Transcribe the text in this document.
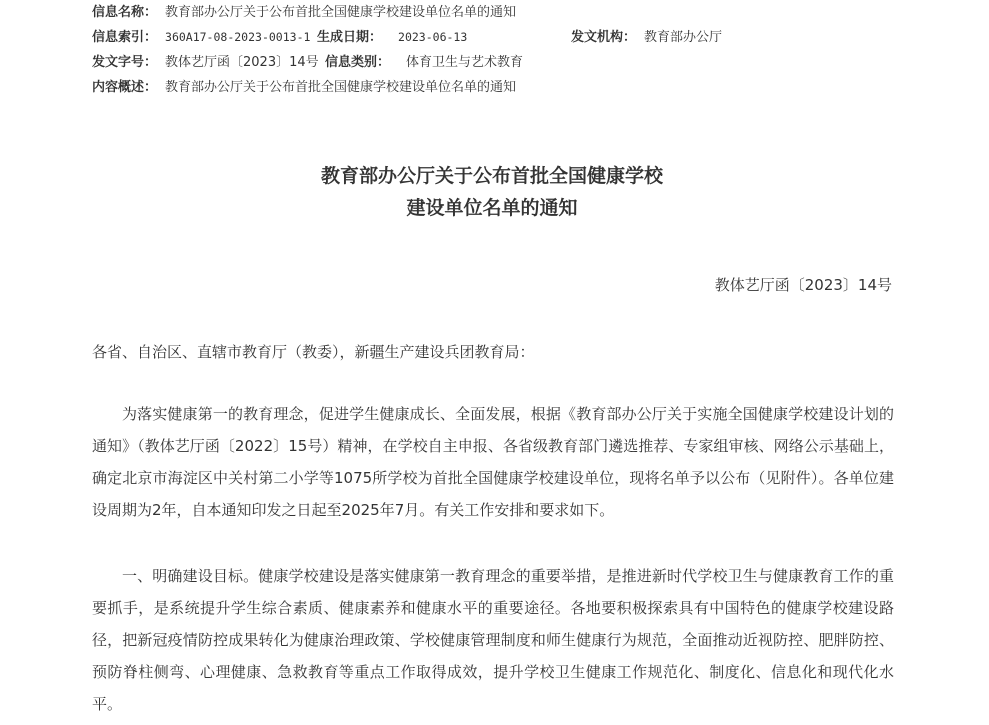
信息名称： 教育部办公厅关于公布首批全国健康学校建设单位名单的通知
信息索引： 360A17-08-2023-0013-1 生成日期： 2023-06-13	发文机构： 教育部办公厅
发文字号： 教体艺厅函〔2023〕14号 信息类别： 体育卫生与艺术教育
内容概述： 教育部办公厅关于公布首批全国健康学校建设单位名单的通知
教育部办公厅关于公布首批全国健康学校
建设单位名单的通知
教体艺厅函〔2023〕14号
各省、自治区、直辖市教育厅（教委），新疆生产建设兵团教育局：
为落实健康第一的教育理念，促进学生健康成长、全面发展，根据《教育部办公厅关于实施全国健康学校建设计划的通知》（教体艺厅函〔2022〕15号）精神，在学校自主申报、各省级教育部门遴选推荐、专家组审核、网络公示基础上，确定北京市海淀区中关村第二小学等1075所学校为首批全国健康学校建设单位，现将名单予以公布（见附件）。各单位建设周期为2年，自本通知印发之日起至2025年7月。有关工作安排和要求如下。
一、明确建设目标。健康学校建设是落实健康第一教育理念的重要举措，是推进新时代学校卫生与健康教育工作的重要抓手，是系统提升学生综合素质、健康素养和健康水平的重要途径。各地要积极探索具有中国特色的健康学校建设路径，把新冠疫情防控成果转化为健康治理政策、学校健康管理制度和师生健康行为规范，全面推动近视防控、肥胖防控、预防脊柱侧弯、心理健康、急救教育等重点工作取得成效，提升学校卫生健康工作规范化、制度化、信息化和现代化水平。
